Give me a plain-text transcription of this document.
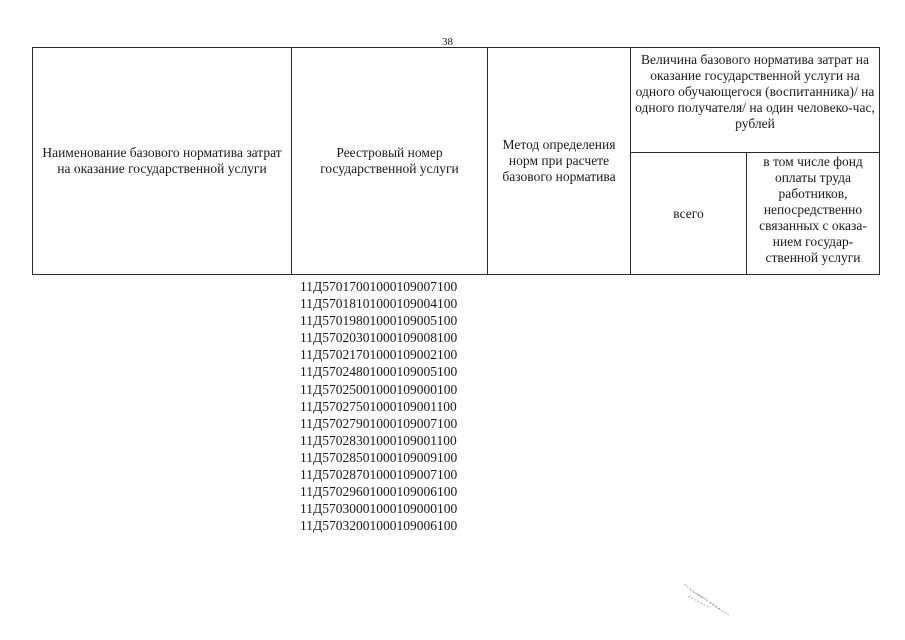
38
Наименование базового норматива затрат на оказание государственной услуги
Реестровый номер государственной услуги
Метод определения норм при расчете базового норматива
Величина базового норматива затрат на оказание государственной услуги на одного обучающегося (воспитанника)/ на одного получателя/ на один человеко-час, рублей
всего
в том числе фонд оплаты труда работников, непосредственно связанных с оказа-нием государ-ственной услуги
11Д57017001000109007100
11Д57018101000109004100
11Д57019801000109005100
11Д57020301000109008100
11Д57021701000109002100
11Д57024801000109005100
11Д57025001000109000100
11Д57027501000109001100
11Д57027901000109007100
11Д57028301000109001100
11Д57028501000109009100
11Д57028701000109007100
11Д57029601000109006100
11Д57030001000109000100
11Д57032001000109006100
